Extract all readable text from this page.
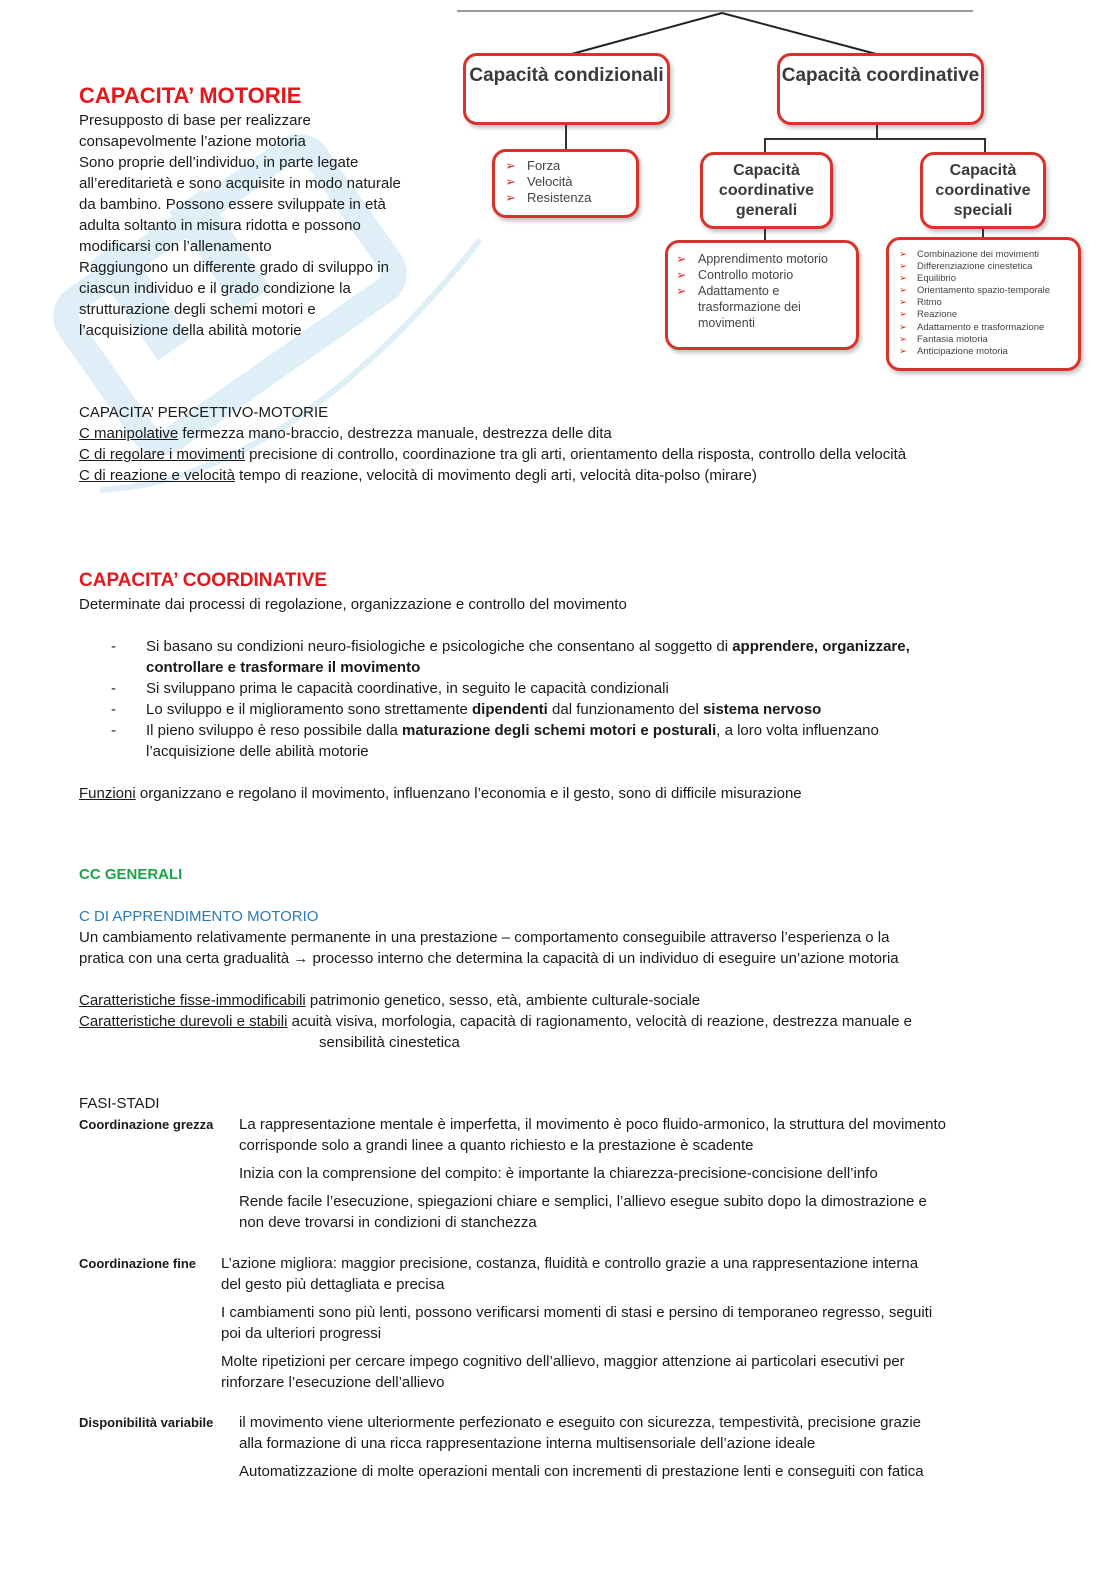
Capacità condizionali	Capacità coordinative
➢ Forza
➢ Velocità
➢ Resistenza
Capacità coordinative generali
Capacità coordinative speciali
➢ Apprendimento motorio
➢ Controllo motorio
➢ Adattamento e trasformazione dei movimenti
➢ Combinazione dei movimenti
➢ Differenziazione cinestetica
➢ Equilibrio
➢ Orientamento spazio-temporale
➢ Ritmo
➢ Reazione
➢ Adattamento e trasformazione
➢ Fantasia motoria
➢ Anticipazione motoria
CAPACITA’ MOTORIE
Presupposto di base per realizzare
consapevolmente l’azione motoria
Sono proprie dell’individuo, in parte legate
all’ereditarietà e sono acquisite in modo naturale
da bambino. Possono essere sviluppate in età
adulta soltanto in misura ridotta e possono
modificarsi con l’allenamento
Raggiungono un differente grado di sviluppo in
ciascun individuo e il grado condizione la
strutturazione degli schemi motori e
l’acquisizione della abilità motorie
CAPACITA’ PERCETTIVO-MOTORIE
C manipolative fermezza mano-braccio, destrezza manuale, destrezza delle dita
C di regolare i movimenti precisione di controllo, coordinazione tra gli arti, orientamento della risposta, controllo della velocità
C di reazione e velocità tempo di reazione, velocità di movimento degli arti, velocità dita-polso (mirare)
CAPACITA’ COORDINATIVE
Determinate dai processi di regolazione, organizzazione e controllo del movimento
- Si basano su condizioni neuro-fisiologiche e psicologiche che consentano al soggetto di apprendere, organizzare,
controllare e trasformare il movimento
- Si sviluppano prima le capacità coordinative, in seguito le capacità condizionali
- Lo sviluppo e il miglioramento sono strettamente dipendenti dal funzionamento del sistema nervoso
- Il pieno sviluppo è reso possibile dalla maturazione degli schemi motori e posturali, a loro volta influenzano
l’acquisizione delle abilità motorie
Funzioni organizzano e regolano il movimento, influenzano l’economia e il gesto, sono di difficile misurazione
CC GENERALI
C DI APPRENDIMENTO MOTORIO
Un cambiamento relativamente permanente in una prestazione – comportamento conseguibile attraverso l’esperienza o la
pratica con una certa gradualità → processo interno che determina la capacità di un individuo di eseguire un’azione motoria
Caratteristiche fisse-immodificabili patrimonio genetico, sesso, età, ambiente culturale-sociale
Caratteristiche durevoli e stabili acuità visiva, morfologia, capacità di ragionamento, velocità di reazione, destrezza manuale e
sensibilità cinestetica
FASI-STADI
Coordinazione grezza La rappresentazione mentale è imperfetta, il movimento è poco fluido-armonico, la struttura del movimento
corrisponde solo a grandi linee a quanto richiesto e la prestazione è scadente
Inizia con la comprensione del compito: è importante la chiarezza-precisione-concisione dell’info
Rende facile l’esecuzione, spiegazioni chiare e semplici, l’allievo esegue subito dopo la dimostrazione e
non deve trovarsi in condizioni di stanchezza
Coordinazione fine L’azione migliora: maggior precisione, costanza, fluidità e controllo grazie a una rappresentazione interna
del gesto più dettagliata e precisa
I cambiamenti sono più lenti, possono verificarsi momenti di stasi e persino di temporaneo regresso, seguiti
poi da ulteriori progressi
Molte ripetizioni per cercare impego cognitivo dell’allievo, maggior attenzione ai particolari esecutivi per
rinforzare l’esecuzione dell’allievo
Disponibilità variabile il movimento viene ulteriormente perfezionato e eseguito con sicurezza, tempestività, precisione grazie
alla formazione di una ricca rappresentazione interna multisensoriale dell’azione ideale
Automatizzazione di molte operazioni mentali con incrementi di prestazione lenti e conseguiti con fatica
